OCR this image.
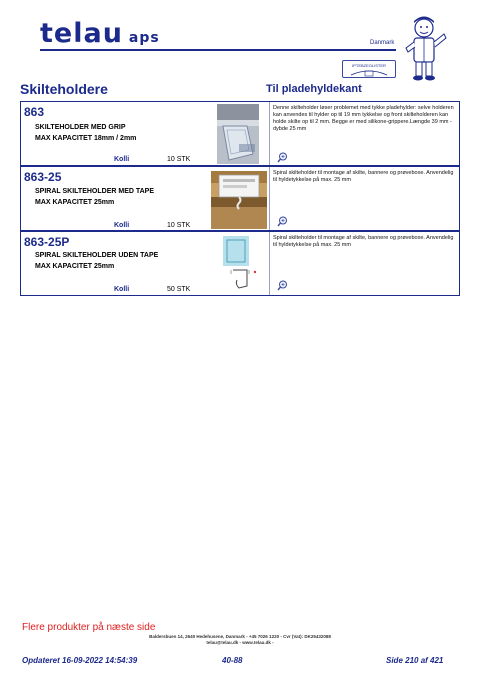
telau aps	Danmark
IPTEBZEOLISTER
Skilteholdere	Til pladehyldekant
863
SKILTEHOLDER MED GRIP
MAX KAPACITET 18mm / 2mm
Kolli	10 STK
Denne skilteholder løser problemet med tykke pladehylder: selve holderen kan anvendes til hylder op til 19 mm tykkelse og front skilteholderen kan holde skilte op til 2 mm. Begge er med silikone-grippere.Længde 39 mm - dybde 25 mm
863-25
SPIRAL SKILTEHOLDER MED TAPE
MAX KAPACITET 25mm
Kolli	10 STK
Spiral skilteholder til montage af skilte, bannere og prøveboxe. Anvendelig til hyldetykkelse på max. 25 mm
863-25P
SPIRAL SKILTEHOLDER UDEN TAPE
MAX KAPACITET 25mm
Kolli	50 STK
Spiral skilteholder til montage af skilte, bannere og prøveboxe. Anvendelig til hyldetykkelse på max. 25 mm
Flere produkter på næste side
Baldersbuen 14, 2640 Hedehusene, Danmark - +45 7026 1220 - Cvr (Vat): DK25432088
telau@telau.dk - www.telau.dk -
Opdateret 16-09-2022 14:54:39	40-88	Side 210 af 421
